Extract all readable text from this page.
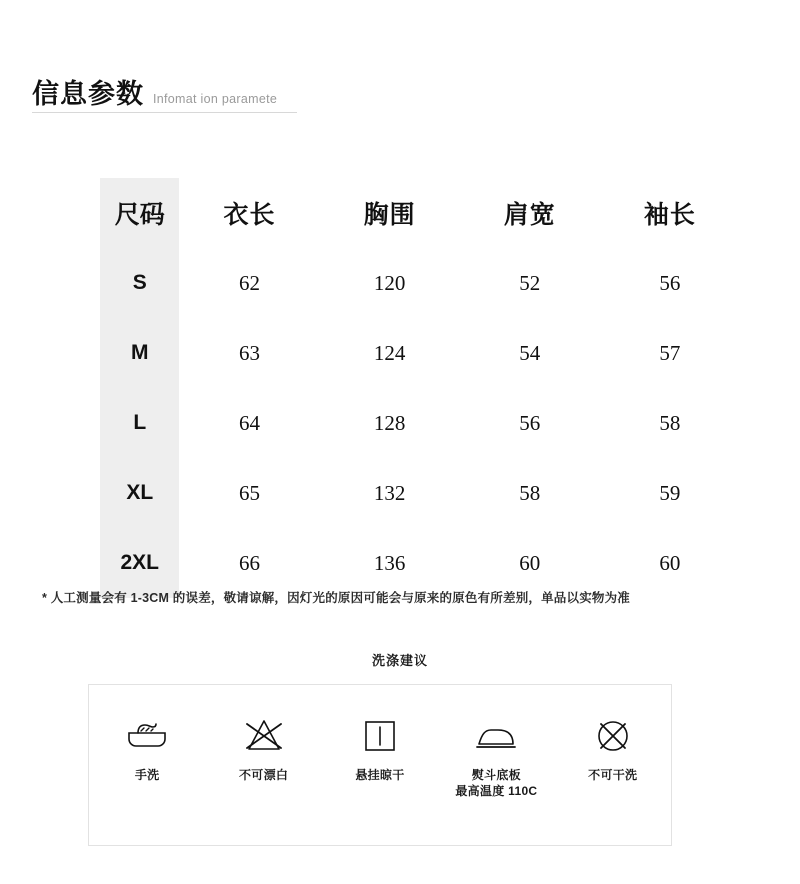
信息参数 Infomat ion paramete
尺码	衣长	胸围	肩宽	袖长
S	62	120	52	56
M	63	124	54	57
L	64	128	56	58
XL	65	132	58	59
2XL	66	136	60	60
* 人工测量会有 1-3CM 的误差，敬请谅解，因灯光的原因可能会与原来的原色有所差别，单品以实物为准
洗涤建议
手洗	不可漂白	悬挂晾干	熨斗底板
最高温度 110C
不可干洗
